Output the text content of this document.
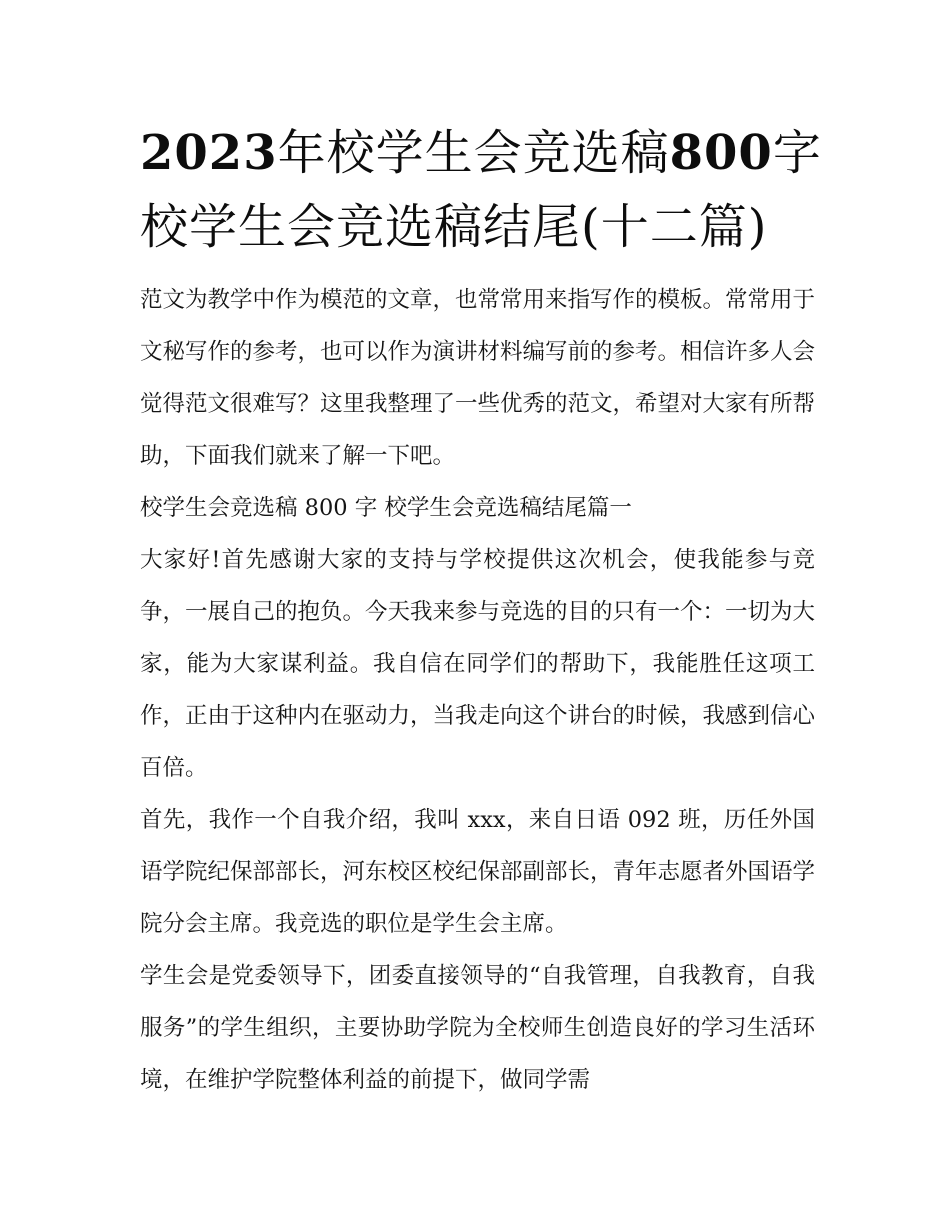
2023年校学生会竞选稿800字
校学生会竞选稿结尾(十二篇)

范文为教学中作为模范的文章，也常常用来指写作的模板。常常用于文秘写作的参考，也可以作为演讲材料编写前的参考。相信许多人会觉得范文很难写？这里我整理了一些优秀的范文，希望对大家有所帮助，下面我们就来了解一下吧。

校学生会竞选稿 800 字 校学生会竞选稿结尾篇一

大家好!首先感谢大家的支持与学校提供这次机会，使我能参与竞争，一展自己的抱负。今天我来参与竞选的目的只有一个：一切为大家，能为大家谋利益。我自信在同学们的帮助下，我能胜任这项工作，正由于这种内在驱动力，当我走向这个讲台的时候，我感到信心百倍。

首先，我作一个自我介绍，我叫 xxx，来自日语 092 班，历任外国语学院纪保部部长，河东校区校纪保部副部长，青年志愿者外国语学院分会主席。我竞选的职位是学生会主席。

学生会是党委领导下，团委直接领导的“自我管理，自我教育，自我服务”的学生组织，主要协助学院为全校师生创造良好的学习生活环境，在维护学院整体利益的前提下，做同学需
